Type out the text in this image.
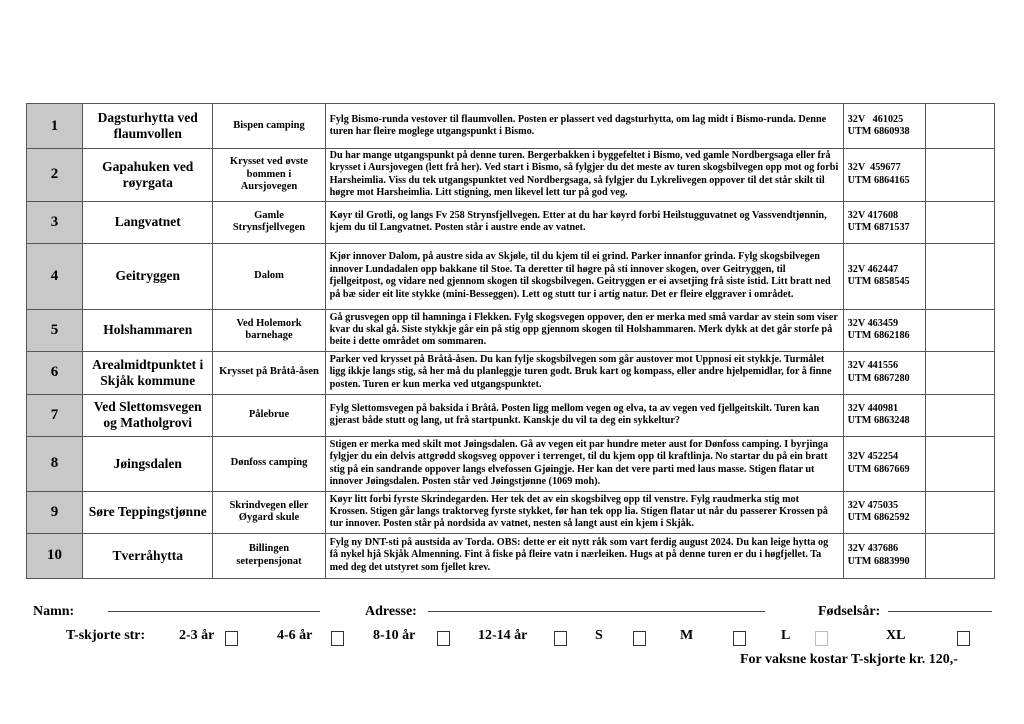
1	Dagsturhytta ved flaumvollen	Bispen camping	Fylg Bismo-runda vestover til flaumvollen. Posten er plassert ved dagsturhytta, om lag midt i Bismo-runda. Denne turen har fleire moglege utgangspunkt i Bismo.	32V   461025
UTM 6860938	
2	Gapahuken ved røyrgata	Krysset ved øvste bommen i Aursjovegen	Du har mange utgangspunkt på denne turen. Bergerbakken i byggefeltet i Bismo, ved gamle Nordbergsaga eller frå krysset i Aursjovegen (lett frå her). Ved start i Bismo, så fylgjer du det meste av turen skogsbilvegen opp mot og forbi Harsheimlia. Viss du tek utgangspunktet ved Nordbergsaga, så fylgjer du Lykrelivegen oppover til det står skilt til høgre mot Harsheimlia. Litt stigning, men likevel lett tur på god veg.	32V  459677
UTM 6864165	
3	Langvatnet	Gamle Strynsfjellvegen	Køyr til Grotli, og langs Fv 258 Strynsfjellvegen. Etter at du har køyrd forbi Heilstugguvatnet og Vassvendtjønnin, kjem du til Langvatnet. Posten står i austre ende av vatnet.	32V 417608
UTM 6871537	
4	Geitryggen	Dalom	Kjør innover Dalom, på austre sida av Skjøle, til du kjem til ei grind. Parker innanfor grinda. Fylg skogsbilvegen innover Lundadalen opp bakkane til Stoe. Ta deretter til høgre på sti innover skogen, over Geitryggen, til fjellgeitpost, og vidare ned gjennom skogen til skogsbilvegen. Geitryggen er ei avsetjing frå siste istid. Litt bratt ned på bæ sider eit lite stykke (mini-Besseggen). Lett og stutt tur i artig natur. Det er fleire elggraver i området.	32V 462447
UTM 6858545	
5	Holshammaren	Ved Holemork barnehage	Gå grusvegen opp til hamninga i Flekken. Fylg skogsvegen oppover, den er merka med små vardar av stein som viser kvar du skal gå. Siste stykkje går ein på stig opp gjennom skogen til Holshammaren. Merk dykk at det går storfe på beite i dette området om sommaren.	32V 463459
UTM 6862186	
6	Arealmidtpunktet i Skjåk kommune	Krysset på Bråtå-åsen	Parker ved krysset på Bråtå-åsen. Du kan fylje skogsbilvegen som går austover mot Uppnosi eit stykkje. Turmålet ligg ikkje langs stig, så her må du planleggje turen godt. Bruk kart og kompass, eller andre hjelpemidlar, for å finne posten. Turen er kun merka ved utgangspunktet.	32V 441556
UTM 6867280	
7	Ved Slettomsvegen og Matholgrovi	Pålebrue	Fylg Slettomsvegen på baksida i Bråtå. Posten ligg mellom vegen og elva, ta av vegen ved fjellgeitskilt. Turen kan gjerast både stutt og lang, ut frå startpunkt. Kanskje du vil ta deg ein sykkeltur?	32V 440981
UTM 6863248	
8	Jøingsdalen	Dønfoss camping	Stigen er merka med skilt mot Jøingsdalen. Gå av vegen eit par hundre meter aust for Dønfoss camping. I byrjinga fylgjer du ein delvis attgrødd skogsveg oppover i terrenget, til du kjem opp til kraftlinja. No startar du på ein bratt stig på ein sandrande oppover langs elvefossen Gjøingje. Her kan det vere parti med laus masse. Stigen flatar ut innover Jøingsdalen. Posten står ved Jøingstjønne (1069 moh).	32V 452254
UTM 6867669	
9	Søre Teppingstjønne	Skrindvegen eller Øygard skule	Køyr litt forbi fyrste Skrindegarden. Her tek det av ein skogsbilveg opp til venstre. Fylg raudmerka stig mot Krossen. Stigen går langs traktorveg fyrste stykket, før han tek opp lia. Stigen flatar ut når du passerer Krossen på tur innover. Posten står på nordsida av vatnet, nesten så langt aust ein kjem i Skjåk.	32V 475035
UTM 6862592	
10	Tverråhytta	Billingen seterpensjonat	Fylg ny DNT-sti på austsida av Torda. OBS: dette er eit nytt råk som vart ferdig august 2024. Du kan leige hytta og få nykel hjå Skjåk Almenning. Fint å fiske på fleire vatn i nærleiken. Hugs at på denne turen er du i høgfjellet. Ta med deg det utstyret som fjellet krev.	32V 437686
UTM 6883990	
Namn:	Adresse:	Fødselsår:
T-skjorte str: 2-3 år	4-6 år	8-10 år	12-14 år	S	M	L	XL
For vaksne kostar T-skjorte kr. 120,-
